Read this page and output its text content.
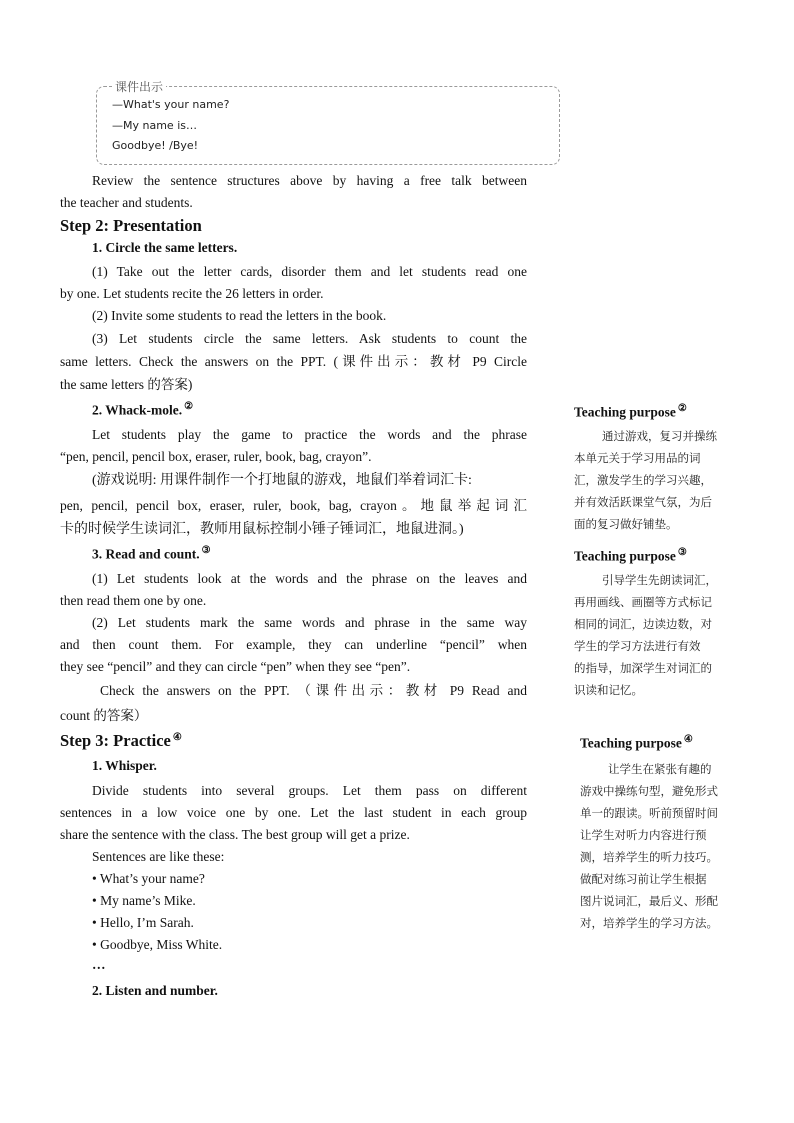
课件出示
—What's your name?
—My name is…
Goodbye! /Bye!
Review the sentence structures above by having a free talk between
the teacher and students.
Step 2: Presentation
1. Circle the same letters.
(1) Take out the letter cards, disorder them and let students read one
by one. Let students recite the 26 letters in order.
(2) Invite some students to read the letters in the book.
(3) Let students circle the same letters. Ask students to count the
same letters. Check the answers on the PPT. (课件出示：教材 P9 Circle
the same letters 的答案)
2. Whack-mole. ②
Let students play the game to practice the words and the phrase
“pen, pencil, pencil box, eraser, ruler, book, bag, crayon”.
(游戏说明: 用课件制作一个打地鼠的游戏，地鼠们举着词汇卡:
pen, pencil, pencil box, eraser, ruler, book, bag, crayon。地鼠举起词汇
卡的时候学生读词汇，教师用鼠标控制小锤子锤词汇，地鼠进洞。)
3. Read and count. ③
(1) Let students look at the words and the phrase on the leaves and
then read them one by one.
(2) Let students mark the same words and phrase in the same way
and then count them. For example, they can underline “pencil” when
they see “pencil” and they can circle “pen” when they see “pen”.
Check the answers on the PPT. （课件出示：教材 P9 Read and
count 的答案）
Step 3: Practice ④
1. Whisper.
Divide students into several groups. Let them pass on different
sentences in a low voice one by one. Let the last student in each group
share the sentence with the class. The best group will get a prize.
Sentences are like these:
• What’s your name?
• My name’s Mike.
• Hello, I’m Sarah.
• Goodbye, Miss White.
…
2. Listen and number.
Teaching purpose ②
通过游戏，复习并操练
本单元关于学习用品的词
汇，激发学生的学习兴趣，
并有效活跃课堂气氛，为后
面的复习做好铺垫。
Teaching purpose ③
引导学生先朗读词汇，
再用画线、画圈等方式标记
相同的词汇，边读边数，对
学生的学习方法进行有效
的指导，加深学生对词汇的
识读和记忆。
Teaching purpose ④
让学生在紧张有趣的
游戏中操练句型，避免形式
单一的跟读。听前预留时间
让学生对听力内容进行预
测，培养学生的听力技巧。
做配对练习前让学生根据
图片说词汇，最后义、形配
对，培养学生的学习方法。
